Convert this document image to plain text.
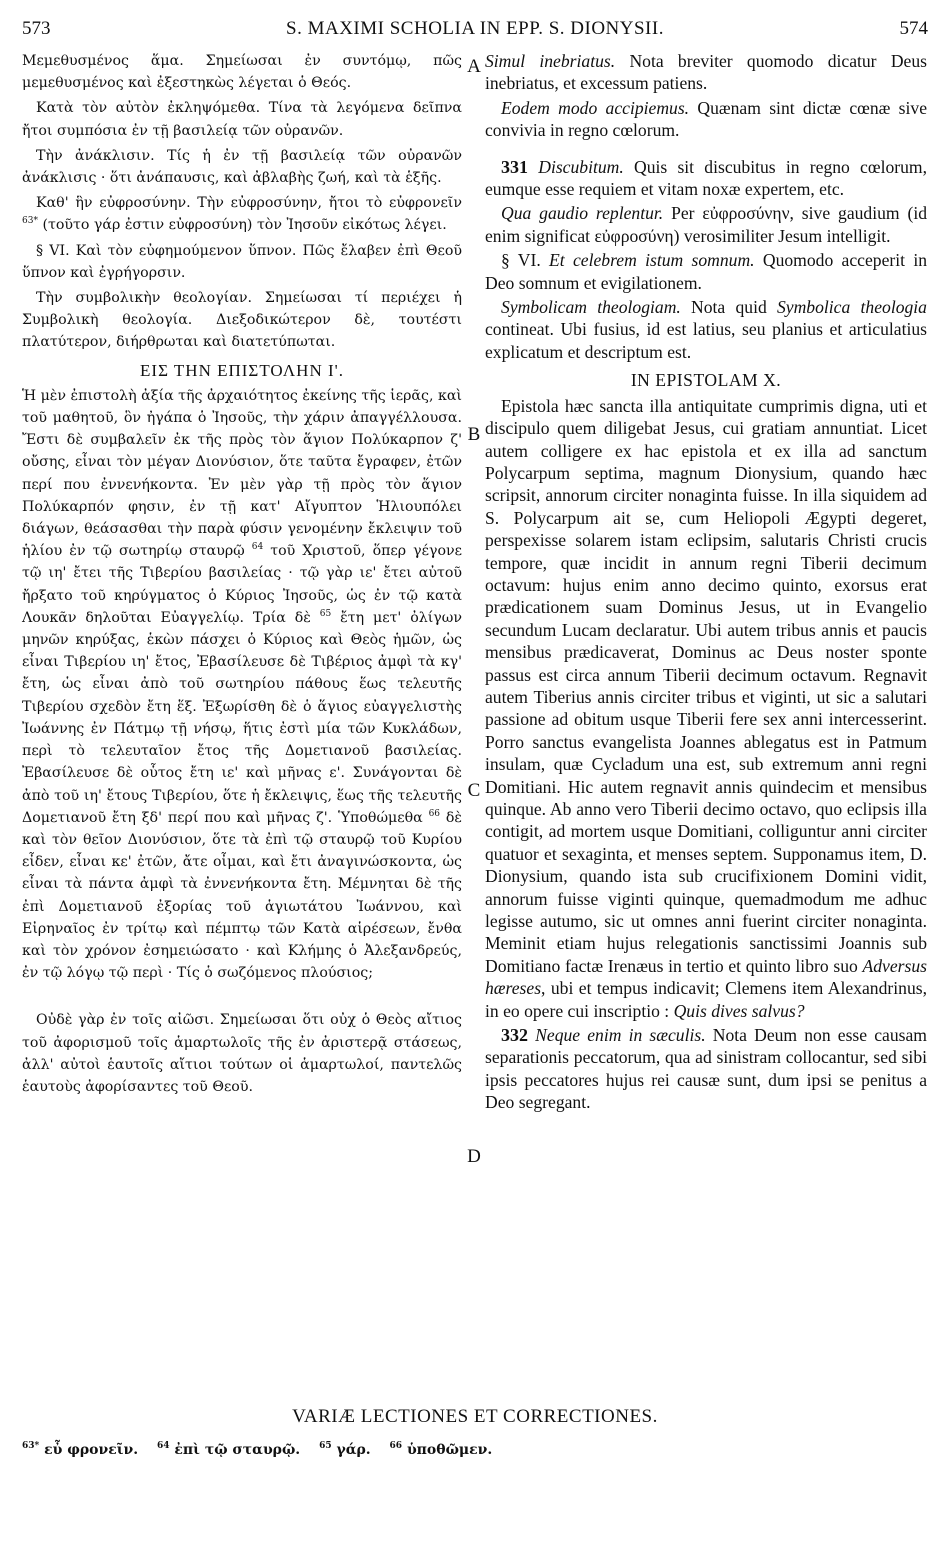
573	S. MAXIMI SCHOLIA IN EPP. S. DIONYSII.	574

Μεμεθυσμένος ἅμα. Σημείωσαι ἐν συντόμῳ, πῶς μεμεθυσμένος καὶ ἐξεστηκὼς λέγεται ὁ Θεός.

Κατὰ τὸν αὐτὸν ἐκληψόμεθα. Τίνα τὰ λεγόμενα δεῖπνα ἤτοι συμπόσια ἐν τῇ βασιλείᾳ τῶν οὐρανῶν.

Τὴν ἀνάκλισιν. Τίς ἡ ἐν τῇ βασιλείᾳ τῶν οὐρανῶν ἀνάκλισις · ὅτι ἀνάπαυσις, καὶ ἀβλαβὴς ζωή, καὶ τὰ ἑξῆς.

Καθ' ἣν εὐφροσύνην. Τὴν εὐφροσύνην, ἤτοι τὸ εὐφρονεῖν $^{63*}$ (τοῦτο γάρ ἐστιν εὐφροσύνη) τὸν Ἰησοῦν εἰκότως λέγει.

§ VI. Καὶ τὸν εὐφημούμενον ὕπνον. Πῶς ἔλαβεν ἐπὶ Θεοῦ ὕπνον καὶ ἐγρήγορσιν.

Τὴν συμβολικὴν θεολογίαν. Σημείωσαι τί περιέχει ἡ Συμβολικὴ θεολογία. Διεξοδικώτερον δὲ, τουτέστι πλατύτερον, διήρθρωται καὶ διατετύπωται.

ΕΙΣ ΤΗΝ ΕΠΙΣΤΟΛΗΝ Ι'.

Ἡ μὲν ἐπιστολὴ ἀξία τῆς ἀρχαιότητος ἐκείνης τῆς ἱερᾶς, καὶ τοῦ μαθητοῦ, ὃν ἠγάπα ὁ Ἰησοῦς, τὴν χάριν ἀπαγγέλλουσα. Ἔστι δὲ συμβαλεῖν ἐκ τῆς πρὸς τὸν ἅγιον Πολύκαρπον ζ' οὔσης, εἶναι τὸν μέγαν Διονύσιον, ὅτε ταῦτα ἔγραφεν, ἐτῶν περί που ἐννενήκοντα. Ἐν μὲν γὰρ τῇ πρὸς τὸν ἅγιον Πολύκαρπόν φησιν, ἐν τῇ κατ' Αἴγυπτον Ἡλιουπόλει διάγων, θεάσασθαι τὴν παρὰ φύσιν γενομένην ἔκλειψιν τοῦ ἡλίου ἐν τῷ σωτηρίῳ σταυρῷ $^{64}$ τοῦ Χριστοῦ, ὅπερ γέγονε τῷ ιη' ἔτει τῆς Τιβερίου βασιλείας · τῷ γὰρ ιε' ἔτει αὐτοῦ ἤρξατο τοῦ κηρύγματος ὁ Κύριος Ἰησοῦς, ὡς ἐν τῷ κατὰ Λουκᾶν δηλοῦται Εὐαγγελίῳ. Τρία δὲ $^{65}$ ἔτη μετ' ὀλίγων μηνῶν κηρύξας, ἑκὼν πάσχει ὁ Κύριος καὶ Θεὸς ἡμῶν, ὡς εἶναι Τιβερίου ιη' ἔτος, Ἐβασίλευσε δὲ Τιβέριος ἀμφὶ τὰ κγ' ἔτη, ὡς εἶναι ἀπὸ τοῦ σωτηρίου πάθους ἕως τελευτῆς Τιβερίου σχεδὸν ἔτη ἕξ. Ἐξωρίσθη δὲ ὁ ἅγιος εὐαγγελιστὴς Ἰωάννης ἐν Πάτμῳ τῇ νήσῳ, ἥτις ἐστὶ μία τῶν Κυκλάδων, περὶ τὸ τελευταῖον ἔτος τῆς Δομετιανοῦ βασιλείας. Ἐβασίλευσε δὲ οὗτος ἔτη ιε' καὶ μῆνας ε'. Συνάγονται δὲ ἀπὸ τοῦ ιη' ἔτους Τιβερίου, ὅτε ἡ ἔκλειψις, ἕως τῆς τελευτῆς Δομετιανοῦ ἔτη ξδ' περί που καὶ μῆνας ζ'. Ὑποθώμεθα $^{66}$ δὲ καὶ τὸν θεῖον Διονύσιον, ὅτε τὰ ἐπὶ τῷ σταυρῷ τοῦ Κυρίου εἶδεν, εἶναι κε' ἐτῶν, ἄτε οἶμαι, καὶ ἔτι ἀναγινώσκοντα, ὡς εἶναι τὰ πάντα ἀμφὶ τὰ ἐννενήκοντα ἔτη. Μέμνηται δὲ τῆς ἐπὶ Δομετιανοῦ ἐξορίας τοῦ ἁγιωτάτου Ἰωάννου, καὶ Εἰρηναῖος ἐν τρίτῳ καὶ πέμπτῳ τῶν Κατὰ αἱρέσεων, ἔνθα καὶ τὸν χρόνον ἐσημειώσατο · καὶ Κλήμης ὁ Ἀλεξανδρεύς, ἐν τῷ λόγῳ τῷ περὶ · Τίς ὁ σωζόμενος πλούσιος;

Οὐδὲ γὰρ ἐν τοῖς αἰῶσι. Σημείωσαι ὅτι οὐχ ὁ Θεὸς αἴτιος τοῦ ἀφορισμοῦ τοῖς ἁμαρτωλοῖς τῆς ἐν ἀριστερᾷ στάσεως, ἀλλ' αὐτοὶ ἑαυτοῖς αἴτιοι τούτων οἱ ἁμαρτωλοί, παντελῶς ἑαυτοὺς ἀφορίσαντες τοῦ Θεοῦ.

A
B
C
D

Simul inebriatus. Nota breviter quomodo dicatur Deus inebriatus, et excessum patiens.

Eodem modo accipiemus. Quænam sint dictæ cœnæ sive convivia in regno cœlorum.

331 Discubitum. Quis sit discubitus in regno cœlorum, eumque esse requiem et vitam noxæ expertem, etc.

Qua gaudio replentur. Per εὐφροσύνην, sive gaudium (id enim significat εὐφροσύνη) verosimiliter Jesum intelligit.

§ VI. Et celebrem istum somnum. Quomodo acceperit in Deo somnum et evigilationem.

Symbolicam theologiam. Nota quid Symbolica theologia contineat. Ubi fusius, id est latius, seu planius et articulatius explicatum et descriptum est.

IN EPISTOLAM X.

Epistola hæc sancta illa antiquitate cumprimis digna, uti et discipulo quem diligebat Jesus, cui gratiam annuntiat. Licet autem colligere ex hac epistola et ex illa ad sanctum Polycarpum septima, magnum Dionysium, quando hæc scripsit, annorum circiter nonaginta fuisse. In illa siquidem ad S. Polycarpum ait se, cum Heliopoli Ægypti degeret, perspexisse solarem istam eclipsim, salutaris Christi crucis tempore, quæ incidit in annum regni Tiberii decimum octavum: hujus enim anno decimo quinto, exorsus erat prædicationem suam Dominus Jesus, ut in Evangelio secundum Lucam declaratur. Ubi autem tribus annis et paucis mensibus prædicaverat, Dominus ac Deus noster sponte passus est circa annum Tiberii decimum octavum. Regnavit autem Tiberius annis circiter tribus et viginti, ut sic a salutari passione ad obitum usque Tiberii fere sex anni intercesserint. Porro sanctus evangelista Joannes ablegatus est in Patmum insulam, quæ Cycladum una est, sub extremum anni regni Domitiani. Hic autem regnavit annis quindecim et mensibus quinque. Ab anno vero Tiberii decimo octavo, quo eclipsis illa contigit, ad mortem usque Domitiani, colliguntur anni circiter quatuor et sexaginta, et menses septem. Supponamus item, D. Dionysium, quando ista sub crucifixionem Domini vidit, annorum fuisse viginti quinque, quemadmodum me adhuc legisse autumo, sic ut omnes anni fuerint circiter nonaginta. Meminit etiam hujus relegationis sanctissimi Joannis sub Domitiano factæ Irenæus in tertio et quinto libro suo Adversus hæreses, ubi et tempus indicavit; Clemens item Alexandrinus, in eo opere cui inscriptio : Quis dives salvus?

332 Neque enim in sæculis. Nota Deum non esse causam separationis peccatorum, qua ad sinistram collocantur, sed sibi ipsis peccatores hujus rei causæ sunt, dum ipsi se penitus a Deo segregant.

VARIÆ LECTIONES ET CORRECTIONES.
$^{63*}$ εὖ φρονεῖν. $^{64}$ ἐπὶ τῷ σταυρῷ. $^{65}$ γάρ. $^{66}$ ὑποθῶμεν.
